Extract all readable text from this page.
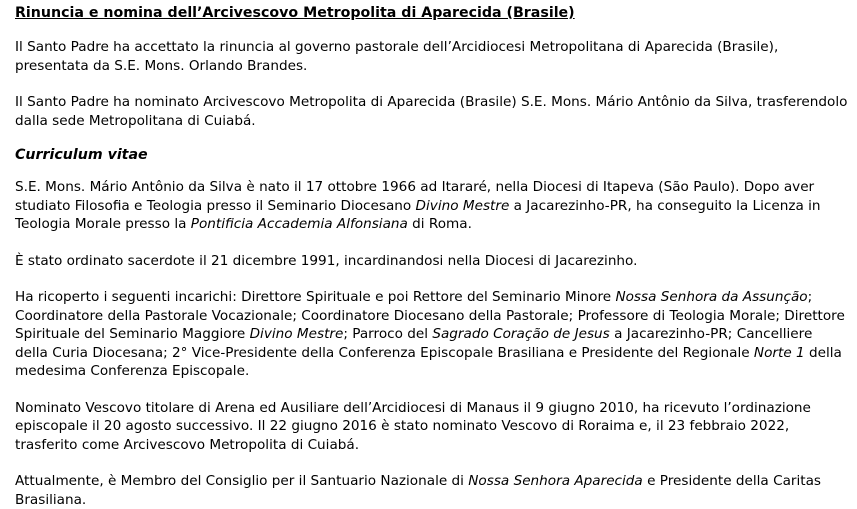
Rinuncia e nomina dell’Arcivescovo Metropolita di Aparecida (Brasile)

Il Santo Padre ha accettato la rinuncia al governo pastorale dell’Arcidiocesi Metropolitana di Aparecida (Brasile), presentata da S.E. Mons. Orlando Brandes.

Il Santo Padre ha nominato Arcivescovo Metropolita di Aparecida (Brasile) S.E. Mons. Mário Antônio da Silva, trasferendolo dalla sede Metropolitana di Cuiabá.

Curriculum vitae

S.E. Mons. Mário Antônio da Silva è nato il 17 ottobre 1966 ad Itararé, nella Diocesi di Itapeva (São Paulo). Dopo aver studiato Filosofia e Teologia presso il Seminario Diocesano Divino Mestre a Jacarezinho-PR, ha conseguito la Licenza in Teologia Morale presso la Pontificia Accademia Alfonsiana di Roma.

È stato ordinato sacerdote il 21 dicembre 1991, incardinandosi nella Diocesi di Jacarezinho.

Ha ricoperto i seguenti incarichi: Direttore Spirituale e poi Rettore del Seminario Minore Nossa Senhora da Assunção; Coordinatore della Pastorale Vocazionale; Coordinatore Diocesano della Pastorale; Professore di Teologia Morale; Direttore Spirituale del Seminario Maggiore Divino Mestre; Parroco del Sagrado Coração de Jesus a Jacarezinho-PR; Cancelliere della Curia Diocesana; 2° Vice-Presidente della Conferenza Episcopale Brasiliana e Presidente del Regionale Norte 1 della medesima Conferenza Episcopale.

Nominato Vescovo titolare di Arena ed Ausiliare dell’Arcidiocesi di Manaus il 9 giugno 2010, ha ricevuto l’ordinazione episcopale il 20 agosto successivo. Il 22 giugno 2016 è stato nominato Vescovo di Roraima e, il 23 febbraio 2022, trasferito come Arcivescovo Metropolita di Cuiabá.

Attualmente, è Membro del Consiglio per il Santuario Nazionale di Nossa Senhora Aparecida e Presidente della Caritas Brasiliana.
